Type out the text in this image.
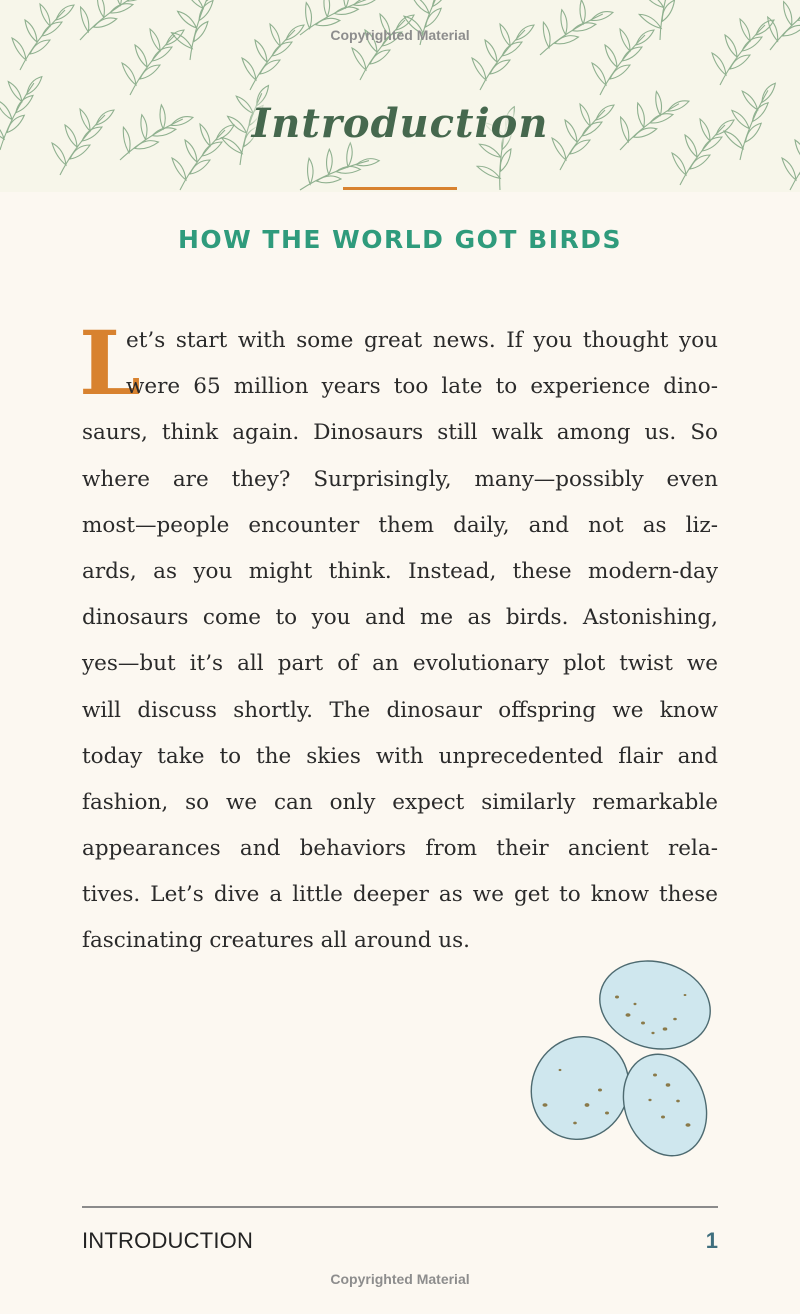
Copyrighted Material
Introduction
HOW THE WORLD GOT BIRDS
L
et’s start with some great news. If you thought you
were 65 million years too late to experience dino-
saurs, think again. Dinosaurs still walk among us. So
where are they? Surprisingly, many—possibly even
most—people encounter them daily, and not as liz-
ards, as you might think. Instead, these modern-day
dinosaurs come to you and me as birds. Astonishing,
yes—but it’s all part of an evolutionary plot twist we
will discuss shortly. The dinosaur offspring we know
today take to the skies with unprecedented flair and
fashion, so we can only expect similarly remarkable
appearances and behaviors from their ancient rela-
tives. Let’s dive a little deeper as we get to know these
fascinating creatures all around us.
INTRODUCTION	1
Copyrighted Material
